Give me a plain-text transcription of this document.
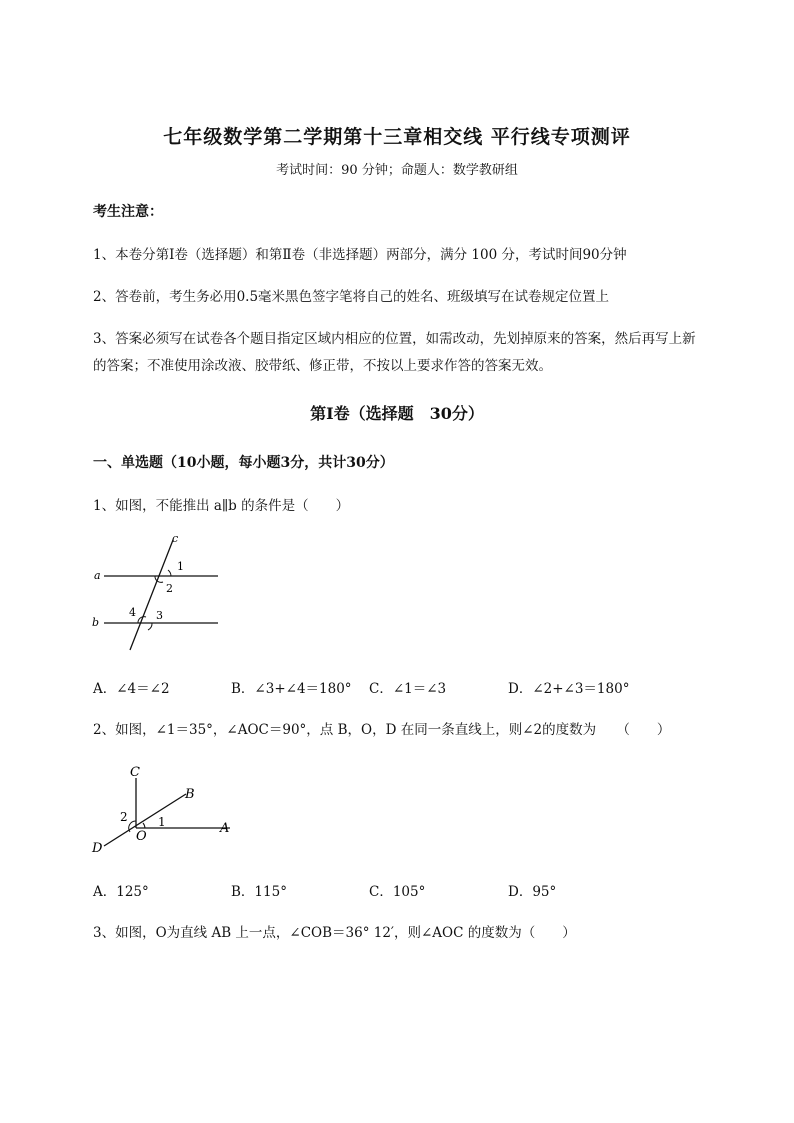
七年级数学第二学期第十三章相交线 平行线专项测评
考试时间：90 分钟；命题人：数学教研组
考生注意：
1、本卷分第Ⅰ卷（选择题）和第Ⅱ卷（非选择题）两部分，满分 100 分，考试时间90分钟
2、答卷前，考生务必用0.5毫米黑色签字笔将自己的姓名、班级填写在试卷规定位置上
3、答案必须写在试卷各个题目指定区域内相应的位置，如需改动，先划掉原来的答案，然后再写上新
的答案；不准使用涂改液、胶带纸、修正带，不按以上要求作答的答案无效。
第Ⅰ卷（选择题　30分）
一、单选题（10小题，每小题3分，共计30分）
1、如图，不能推出 a∥b 的条件是（　　）
c
a
b
1
2
3
4
A．∠4＝∠2	B．∠3+∠4＝180° C．∠1＝∠3	D．∠2+∠3＝180°
2、如图，∠1＝35°，∠AOC＝90°，点 B，O，D 在同一条直线上，则∠2的度数为　　（　　）
C
B
A
D
O
1
2
A．125°	B．115°	C．105°	D．95°
3、如图，O为直线 AB 上一点，∠COB＝36° 12′，则∠AOC 的度数为（　　）
